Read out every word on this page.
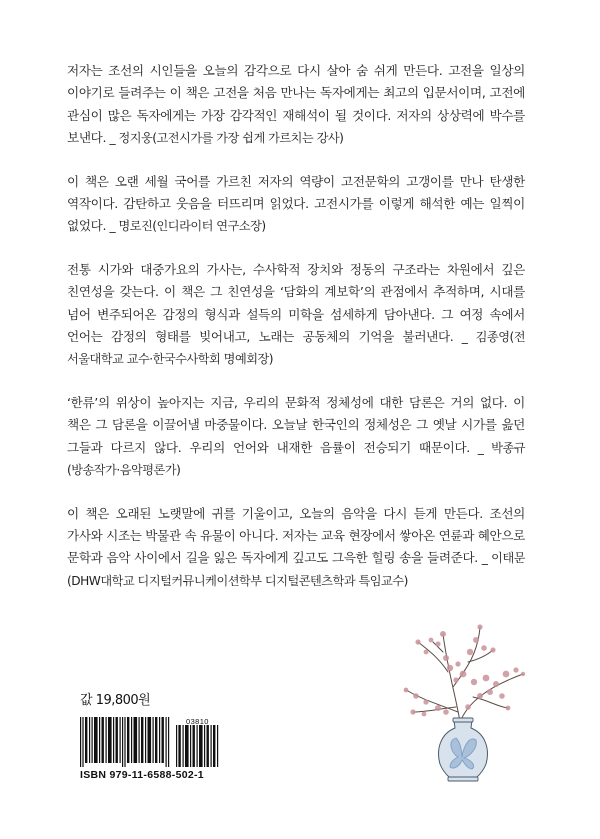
저자는 조선의 시인들을 오늘의 감각으로 다시 살아 숨 쉬게 만든다. 고전을 일상의 이야기로 들려주는 이 책은 고전을 처음 만나는 독자에게는 최고의 입문서이며, 고전에 관심이 많은 독자에게는 가장 감각적인 재해석이 될 것이다. 저자의 상상력에 박수를 보낸다. _ 정지웅(고전시가를 가장 쉽게 가르치는 강사)

이 책은 오랜 세월 국어를 가르친 저자의 역량이 고전문학의 고갱이를 만나 탄생한 역작이다. 감탄하고 웃음을 터뜨리며 읽었다. 고전시가를 이렇게 해석한 예는 일찍이 없었다. _ 명로진(인디라이터 연구소장)

전통 시가와 대중가요의 가사는, 수사학적 장치와 정동의 구조라는 차원에서 깊은 친연성을 갖는다. 이 책은 그 친연성을 ‘담화의 계보학’의 관점에서 추적하며, 시대를 넘어 변주되어온 감정의 형식과 설득의 미학을 섬세하게 담아낸다. 그 여정 속에서 언어는 감정의 형태를 빚어내고, 노래는 공동체의 기억을 불러낸다. _ 김종영(전 서울대학교 교수·한국수사학회 명예회장)

‘한류’의 위상이 높아지는 지금, 우리의 문화적 정체성에 대한 담론은 거의 없다. 이 책은 그 담론을 이끌어낼 마중물이다. 오늘날 한국인의 정체성은 그 옛날 시가를 읊던 그들과 다르지 않다. 우리의 언어와 내재한 음률이 전승되기 때문이다. _ 박종규(방송작가·음악평론가)

이 책은 오래된 노랫말에 귀를 기울이고, 오늘의 음악을 다시 듣게 만든다. 조선의 가사와 시조는 박물관 속 유물이 아니다. 저자는 교육 현장에서 쌓아온 연륜과 혜안으로 문학과 음악 사이에서 길을 잃은 독자에게 깊고도 그윽한 힐링 송을 들려준다. _ 이태문(DHW대학교 디지털커뮤니케이션학부 디지털콘텐츠학과 특임교수)

값 19,800원
03810
ISBN 979-11-6588-502-1
